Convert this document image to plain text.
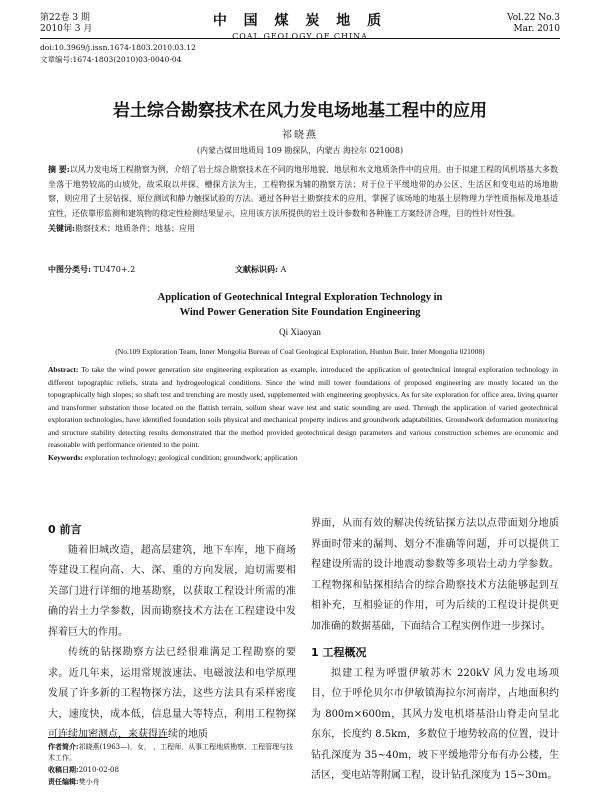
第22卷 3 期
2010年 3 月	中 国 煤 炭 地 质
COAL GEOLOGY OF CHINA
Vol.22 No.3
Mar. 2010
doi:10.3969/j.issn.1674-1803.2010.03.12
文章编号:1674-1803(2010)03-0040-04
岩土综合勘察技术在风力发电场地基工程中的应用
祁晓燕
(内蒙古煤田地质局 109 勘探队，内蒙古 海拉尔 021008)
摘 要:以风力发电场工程勘察为例，介绍了岩土综合勘察技术在不同的地形地貌、地层和水文地质条件中的应用。由于拟建工程的风机塔基大多数坐落于地势较高的山坡处，故采取以井探、槽探方法为主，工程物探为辅的勘察方法；对于位于平缓地带的办公区、生活区和变电站的场地勘察，则应用了土层钻探、原位测试和静力触探试验的方法。通过各种岩土勘察技术的应用，掌握了该场地的地基土层物理力学性质指标及地基适宜性，还依靠形监测和建筑物的稳定性检测结果显示，应用该方法所提供的岩土设计参数和各种施工方案经济合理，目的性针对性强。
关键词:勘察技术；地质条件；地基；应用
中图分类号: TU470+.2	文献标识码: A
Application of Geotechnical Integral Exploration Technology in
Wind Power Generation Site Foundation Engineering
Qi Xiaoyan
(No.109 Exploration Team, Inner Mongolia Bureau of Coal Geological Exploration, Hunlun Buir, Inner Mongolia 021008)
Abstract: To take the wind power generation site engineering exploration as example, introduced the application of geotechnical integral exploration technology in different topographic reliefs, strata and hydrogeological conditions. Since the wind mill tower foundations of proposed engineering are mostly located on the topographically high slopes; so shaft test and trenching are mostly used, supplemented with engineering geophysics. As for site exploration for office area, living quarter and transformer substation those located on the flattish terrain, soilum shear wave test and static sounding are used. Through the application of varied geotechnical exploration technologies, have identified foundation soils physical and mechanical property indices and groundwork adaptabilities. Groundwork deformation monitoring and structure stability detecting results demonstrated that the method provided geotechnical design parameters and various construction schemes are economic and reasonable with performance oriented to the point.
Keywords: exploration technology; geological condition; groundwork; application
0 前言
随着旧城改造，超高层建筑，地下车库，地下商场等建设工程向高、大、深、重的方向发展，迫切需要相关部门进行详细的地基勘察，以获取工程设计所需的准确的岩土力学参数，因而勘察技术方法在工程建设中发挥着巨大的作用。
传统的钻探勘察方法已经很难满足工程勘察的要求。近几年来，运用常规波速法、电磁波法和电学原理发展了许多新的工程物探方法，这些方法具有采样密度大，速度快，成本低，信息量大等特点，利用工程物探可连续加密测点，来获得连续的地质
界面，从而有效的解决传统钻探方法以点带面划分地质界面时带来的漏判、划分不准确等问题，并可以提供工程建设所需的设计地震动参数等多项岩土动力学参数。工程物探和钻探相结合的综合勘察技术方法能够起到互相补充，互相验证的作用，可为后续的工程设计提供更加准确的数据基础，下面结合工程实例作进一步探讨。
1 工程概况
拟建工程为呼盟伊敏苏木 220kV 风力发电场项目，位于呼伦贝尔市伊敏镇海拉尔河南岸，占地面积约为 800m×600m，其风力发电机塔基沿山脊走向呈北东东，长度约 8.5km，多数位于地势较高的位置，设计钻孔深度为 35~40m，坡下平缓地带分布有办公楼，生活区，变电站等附属工程，设计钻孔深度为 15~30m。
作者简介:祁晓燕(1963—)，女， ，工程师，从事工程地质勘察、工程管理与技术工作。
收稿日期:2010-02-08
责任编辑:樊小舟
